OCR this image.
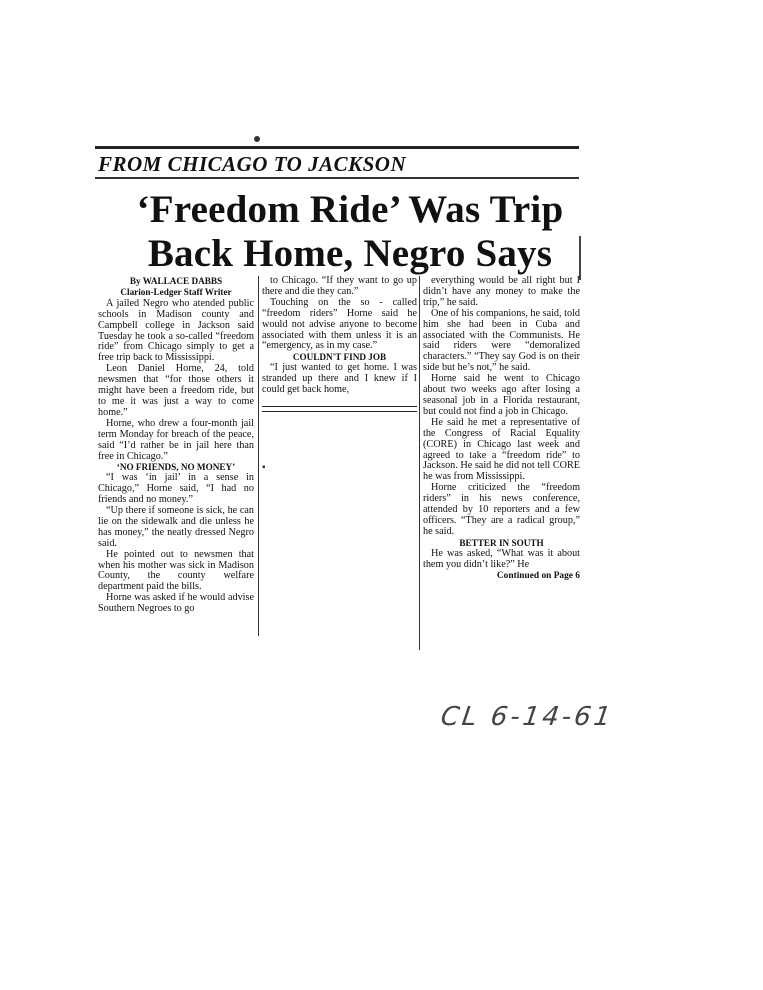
FROM CHICAGO TO JACKSON
‘Freedom Ride’ Was Trip
Back Home, Negro Says

By WALLACE DABBS

Clarion-Ledger Staff Writer

A jailed Negro who atended public schools in Madison county and Campbell college in Jackson said Tuesday he took a so-called “freedom ride” from Chicago simply to get a free trip back to Mississippi.

Leon Daniel Horne, 24, told newsmen that “for those others it might have been a freedom ride, but to me it was just a way to come home.”

Horne, who drew a four-month jail term Monday for breach of the peace, said “I’d rather be in jail here than free in Chicago.”

‘NO FRIENDS, NO MONEY’

“I was ‘in jail’ in a sense in Chicago,” Horne said, “I had no friends and no money.”

“Up there if someone is sick, he can lie on the sidewalk and die unless he has money,” the neatly dressed Negro said.

He pointed out to newsmen that when his mother was sick in Madison County, the county welfare department paid the bills.

Horne was asked if he would advise Southern Negroes to go

to Chicago. “If they want to go up there and die they can.”

Touching on the so - called “freedom riders” Horne said he would not advise anyone to become associated with them unless it is an “emergency, as in my case.”

COULDN'T FIND JOB

“I just wanted to get home. I was stranded up there and I knew if I could get back home,

▪

everything would be all right but I didn’t have any money to make the trip,” he said.

One of his companions, he said, told him she had been in Cuba and associated with the Communists. He said riders were “demoralized characters.” “They say God is on their side but he’s not,” he said.

Horne said he went to Chicago about two weeks ago after losing a seasonal job in a Florida restaurant, but could not find a job in Chicago.

He said he met a representative of the Congress of Racial Equality (CORE) in Chicago last week and agreed to take a “freedom ride” to Jackson. He said he did not tell CORE he was from Mississippi.

Horne criticized the “freedom riders” in his news conference, attended by 10 reporters and a few officers. “They are a radical group,” he said.

BETTER IN SOUTH

He was asked, “What was it about them you didn’t like?” He

Continued on Page 6

CL 6-14-61
